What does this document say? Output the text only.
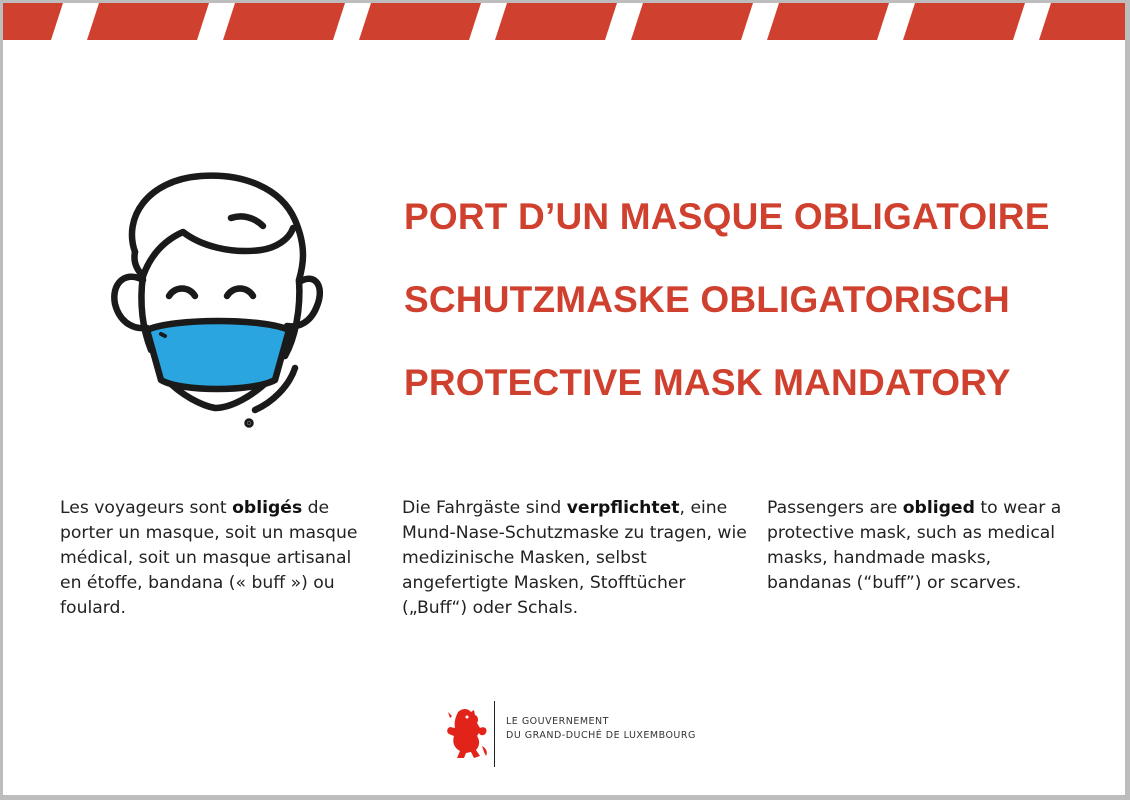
PORT D’UN MASQUE OBLIGATOIRE
SCHUTZMASKE OBLIGATORISCH
PROTECTIVE MASK MANDATORY
Les voyageurs sont obligés de porter un masque, soit un masque médical, soit un masque artisanal en étoffe, bandana (« buff ») ou foulard.
Die Fahrgäste sind verpflichtet, eine Mund-Nase-Schutzmaske zu tragen, wie medizinische Masken, selbst angefertigte Masken, Stofftücher („Buff“) oder Schals.
Passengers are obliged to wear a protective mask, such as medical masks, handmade masks, bandanas (“buff”) or scarves.
LE GOUVERNEMENT
DU GRAND-DUCHÉ DE LUXEMBOURG
